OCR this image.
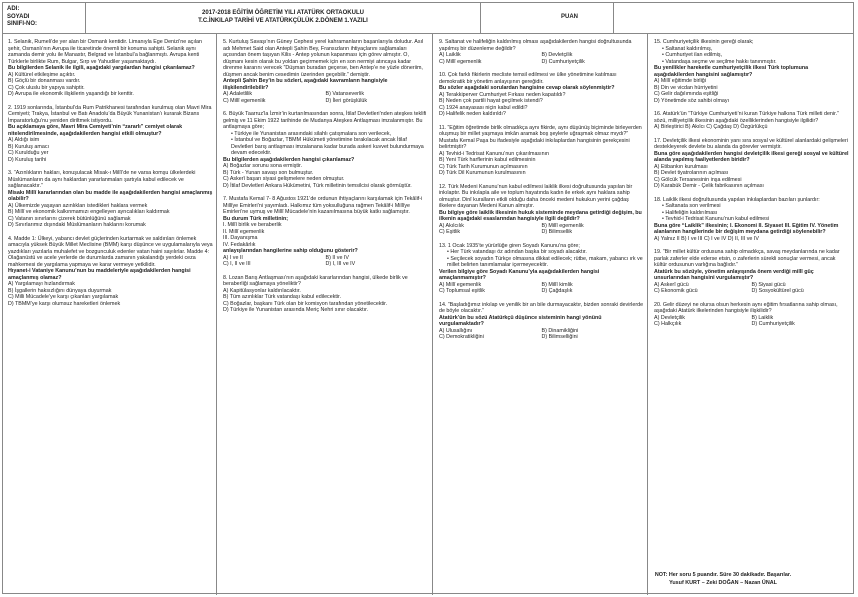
ADI:
SOYADI
SINIFI-NO:
2017-2018 EĞİTİM ÖĞRETİM YILI ATATÜRK ORTAOKULU
T.C.İNKILAP TARİHİ VE ATATÜRKÇÜLÜK 2.DÖNEM 1.YAZILI
PUAN

1. Selanik, Rumeli’de yer alan bir Osmanlı kentidir. Limanıyla Ege Denizi’ne açılan şehir, Osmanlı’nın Avrupa ile ticaretinde önemli bir konuma sahipti. Selanik aynı zamanda demir yolu ile Manastır, Belgrad ve İstanbul’a bağlanmıştı. Avrupa kenti Türklerle birlikte Rum, Bulgar, Sırp ve Yahudiler yaşamaktaydı.

Bu bilgilerden Selanik ile ilgili, aşağıdaki yargılardan hangisi çıkarılamaz?

A) Kültürel etkileşime açıktır.

B) Göçlü bir donanması vardır.

C) Çok uluslu bir yapıya sahiptir.

D) Avrupa ile ekonomik ilişkilerin yaşandığı bir kenttir.

2. 1919 sonlarında, İstanbul’da Rum Patrikhanesi tarafından kurulmuş olan Mavri Mira Cemiyeti; Trakya, İstanbul ve Batı Anadolu’da Büyük Yunanistan’ı kurarak Bizans İmparatorluğu’nu yeniden diriltmek istiyordu.

Bu açıklamaya göre, Mavri Mira Cemiyeti’nin “zararlı” cemiyet olarak nitelendirilmesinde, aşağıdakilerden hangisi etkili olmuştur?

A) Aldığı isim

B) Kuruluş amacı

C) Kurulduğu yer

D) Kuruluş tarihi

3. “Azınlıkların hakları, konuşulacak Misak-ı Millî’de ne varsa komşu ülkelerdeki Müslümanların da aynı haklardan yararlanmaları şartıyla kabul edilecek ve sağlanacaktır.”

Misakı Millî kararlarından olan bu madde ile aşağıdakilerden hangisi amaçlanmış olabilir?

A) Ülkemizde yaşayan azınlıkları istedikleri haklara vermek

B) Millî ve ekonomik kalkınmamızı engelleyen ayrıcalıkları kaldırmak

C) Vatanın sınırlarını çizerek bütünlüğünü sağlamak

D) Sınırlarımız dışındaki Müslümanların haklarını korumak

4. Madde 1: Ülkeyi, yabancı devlet güçlerinden kurtarmak ve saldırıları önlemek amacıyla yüksek Büyük Millet Meclisine (BMM) karşı düşünce ve uygulamalarıyla veya yazdıkları yazılarla muhalefet ve bozgunculuk edenler vatan haini sayılırlar. Madde 4: Olağanüstü ve acele yerlerde de durumlarda zamanın yakalandığı yerdeki ceza mahkemesi de yargılama yapmaya ve karar vermeye yetkilidir.

Hıyanet-i Vataniye Kanunu’nun bu maddeleriyle aşağıdakilerden hangisi amaçlanmış olamaz?

A) Yargılamayı hızlandırmak

B) İşgallerin haksızlığını dünyaya duyurmak

C) Milli Mücadele’ye karşı çıkanları yargılamak

D) TBMM’ye karşı olumsuz hareketleri önlemek

5. Kurtuluş Savaşı’nın Güney Cephesi yerel kahramanların başarılarıyla doludur. Asıl adı Mehmet Said olan Antepli Şahin Bey, Fransızların ihtiyaçlarını sağlamaları açısından önem taşıyan Kilis - Antep yolunun kapanması için görev almıştır. O, düşmanı kesin olarak bu yoldan geçirmemek için en son nermiyi atıncaya kadar direnme kararını verecek “Düşman buradan geçerse, ben Antep’e ne yüzle döneriim, düşmen ancak benim cesedimin üzerinden geçebilir.” demiştir.

Antepli Şahin Bey’in bu sözleri, aşağıdaki kavramların hangisiyle ilişkilendirilebilir?

A) Adaletlilik	B) Vatanseverlik
C) Millî egemenlik	D) İleri görüşlülük

6. Büyük Taarruz’la İzmir’in kurtarılmasından sonra, İtilaf Devletleri’nden ateşkes teklifi gelmiş ve 11 Ekim 1922 tarihinde de Mudanya Ateşkes Antlaşması imzalanmıştır. Bu antlaşmaya göre;

• Türkiye ile Yunanistan arasındaki silahlı çatışmalara son verilecek,
• İstanbul ve Boğazlar, TBMM Hükümeti yönetimine bırakılacak ancak İtilaf Devletleri barış antlaşması imzalanana kadar burada askeri kuvvet bulundurmaya devam edecektir.

Bu bilgilerden aşağıdakilerden hangisi çıkarılamaz?

A) Boğazlar sorunu sona ermiştir.

B) Türk - Yunan savaşı son bulmuştur.

C) Askerî başarı siyasi gelişmelere neden olmuştur.

D) İtilaf Devletleri Ankara Hükümetini, Türk milletinin temsilcisi olarak görmüştür.

7. Mustafa Kemal 7- 8 Ağustos 1921’de ordunun ihtiyaçlarını karşılamak için Tekâlif-i Millîye Emirleri’ni yayımladı. Halkımız tüm yoksulluğuna rağmen Tekâlif-i Millîye Emirleri’ne uymuş ve Millî Mücadele’nin kazanılmasına büyük katkı sağlamıştır.

Bu durum Türk milletinin;

I. Millî birlik ve beraberlik

II. Millî egemenlik

III. Dayanışma

IV. Fedakârlık

anlayışlarından hangilerine sahip olduğunu gösterir?

A) I ve II	B) II ve IV
C) I, II ve III	D) I, III ve IV

8. Lozan Barış Antlaşması’nın aşağıdaki kararlarından hangisi, ülkede birlik ve beraberliği sağlamaya yöneliktir?

A) Kapitülasyonlar kaldırılacaktır.

B) Tüm azınlıklar Türk vatandaşı kabul edilecektir.

C) Boğazlar, başkanı Türk olan bir komisyon tarafından yönetilecektir.

D) Türkiye ile Yunanistan arasında Meriç Nehri sınır olacaktır.

9. Saltanat ve halifeliğin kaldırılmış olması aşağıdakilerden hangisi doğrultusunda yapılmış bir düzenleme değildir?

A) Laiklik	B) Devletçilik
C) Millî egemenlik	D) Cumhuriyetçilik

10. Çok farklı fikirlerin mecliste temsil edilmesi ve ülke yönetimine katılması demokratik bir yönetim anlayışının gereğidir.

Bu sözler aşağıdaki sorulardan hangisine cevap olarak söylenmiştir?

A) Terakkiperver Cumhuriyet Fırkası neden kapatıldı?

B) Neden çok partili hayat geçilmek istendi?

C) 1924 anayasası niçin kabul edildi?

D) Halifelik neden kaldırıldı?

11. “Eğitim öğretimde birlik olmadıkça aynı fikirde, aynı düşünüş biçiminde birleyerden oluşmuş bir millet yaşmaya imkân aramak boş şeylerle uğraşmak olmaz mıydı?” Mustafa Kemal Paşa bu ifadesiyle aşağıdaki inkılaplardan hangisinin gerekçesini belirtmiştir?

A) Tevhid-i Tedrisat Kanunu’nun çıkarılmasının

B) Yeni Türk harflerinin kabul edilmesinin

C) Türk Tarih Kurumunun açılmasının

D) Türk Dil Kurumunun kurulmasının

12. Türk Medeni Kanunu’nun kabul edilmesi laiklik ilkesi doğrultusunda yapılan bir inkılaptır. Bu inkılapla aile ve toplum hayatında kadın ile erkek aynı haklara sahip olmuştur. Dinî kuralların etkili olduğu daha önceki medeni hukukun yerini çağdaş ilkelere dayanan Medeni Kanun almıştır.

Bu bilgiye göre laiklik ilkesinin hukuk sisteminde meydana getirdiği değişim, bu ilkenin aşağıdaki esaslarından hangisiyle ilgili değildir?

A) Akılcılık	B) Millî egemenlik
C) Eşitlik	D) Bilimsellik

13. 1 Ocak 1935’te yürürlüğe giren Soyadı Kanunu’na göre;

• Her Türk vatandaşı öz adından başka bir soyadı alacaktır.
• Seçilecek soyadın Türkçe olmasına dikkat edilecek; rütbe, makam, yabancı ırk ve millet belirten tanımlamalar içermeyecektir.

Verilen bilgiye göre Soyadı Kanunu’yla aşağıdakilerden hangisi amaçlanmamıştır?

A) Millî egemenlik	B) Millî kimlik
C) Toplumsal eşitlik	D) Çağdaşlık

14. “Başladığımız inkılap ve yenilik bir an bile durmayacaktır, bizden sonraki devirlerde de böyle olacaktır.”

Atatürk’ün bu sözü Atatürkçü düşünce sisteminin hangi yönünü vurgulamaktadır?

A) Ulusallığını	B) Dinamikliğini
C) Demokratikliğini	D) Bilimselliğini

15. Cumhuriyetçilik ilkesinin gereği olarak;

• Saltanat kaldırılmış,
• Cumhuriyet ilan edilmiş,
• Vatandaşa seçme ve seçilme hakkı tanınmıştır.

Bu yenilikler hareketle cumhuriyetçilik ilkesi Türk toplumuna aşağıdakilerden hangisini sağlamıştır?

A) Millî eğitimde birliği

B) Din ve vicdan hürriyetini

C) Gelir dağılımında eşitliği

D) Yönetimde söz sahibi olmayı

16. Atatürk’ün “Türkiye Cumhuriyeti’ni kuran Türkiye halkına Türk milleti denir.” sözü, milliyetçilik ilkesinin aşağıdaki özelliklerinden hangisiyle ilgilidir?

A) Birleştirici B) Akılcı C) Çağdaş D) Özgürlükçü

17. Devletçilik ilkesi ekonominin yanı sıra sosyal ve kültürel alanlardaki gelişmeleri destekleyerek devlete bu alanda da görevler vermiştir.

Buna göre aşağıdakilerden hangisi devletçilik ilkesi gereği sosyal ve kültürel alanda yapılmış faaliyetlerden biridir?

A) Etibankın kurulması

B) Devlet tiyatrolarının açılması

C) Gölcük Tersanesinin inşa edilmesi

D) Karabük Demir - Çelik fabrikasının açılması

18. Laiklik ilkesi doğrultusunda yapılan inkılaplardan bazıları şunlardır:

• Saltanata son verilmesi
• Halifeliğin kaldırılması
• Tevhid-i Tedrisat Kanunu’nun kabul edilmesi

Buna göre “Laiklik” ilkesinin; I. Ekonomi II. Siyaset III. Eğitim IV. Yönetim alanlarının hangilerinde bir değişim meydana getirdiği söylenebilir?

A) Yalnız II B) I ve III C) I ve IV D) II, III ve IV

19. “Bir millet kültür ordusuna sahip olmadıkça, savaş meydanlarında ne kadar parlak zaferler elde ederse etsin, o zaferlerin sürekli sonuçlar vermesi, ancak kültür ordusunun varlığına bağlıdır.”

Atatürk bu sözüyle, yönetim anlayışında önem verdiği millî güç unsurlarından hangisini vurgulamıştır?

A) Askerî gücü	B) Siyasi gücü
C) Ekonomik gücü	D) Sosyokültürel gücü

20. Gelir düzeyi ne olursa olsun herkesin aynı eğitim fırsatlarına sahip olması, aşağıdaki Atatürk ilkelerinden hangisiyle ilişkilidir?

A) Devletçilik	B) Laiklik
C) Halkçılık	D) Cumhuriyetçilik
NOT: Her soru 5 puandır. Süre 30 dakikadır. Başarılar.
Yusuf KURT – Zeki DOĞAN – Nazan ÜNAL
